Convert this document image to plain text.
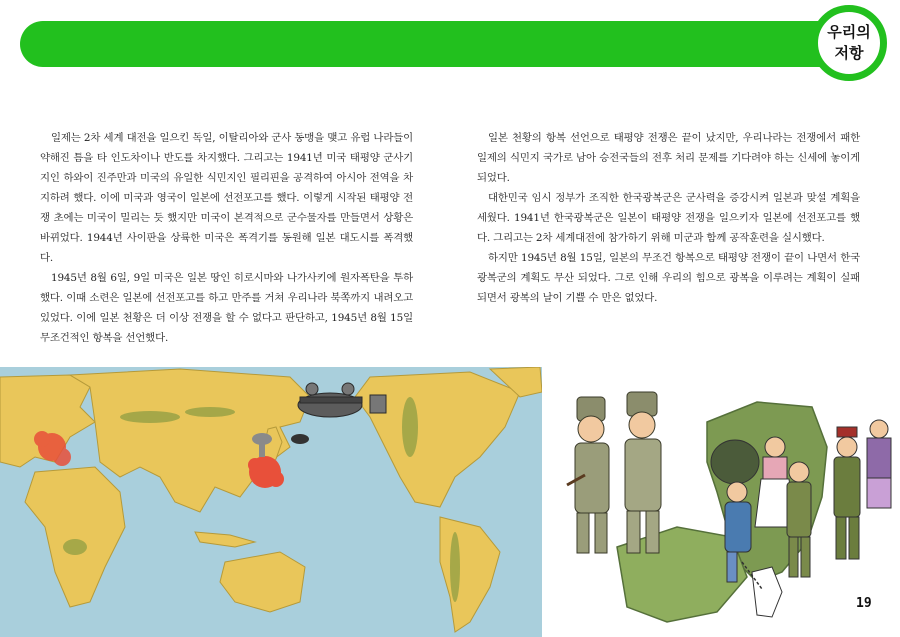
우리의
저항

일제는 2차 세계 대전을 일으킨 독일, 이탈리아와 군사 동맹을 맺고 유럽 나라들이 약해진 틈을 타 인도차이나 반도를 차지했다. 그리고는 1941년 미국 태평양 군사기지인 하와이 진주만과 미국의 유일한 식민지인 필리핀을 공격하여 아시아 전역을 차지하려 했다. 이에 미국과 영국이 일본에 선전포고를 했다. 이렇게 시작된 태평양 전쟁 초에는 미국이 밀리는 듯 했지만 미국이 본격적으로 군수물자를 만들면서 상황은 바뀌었다. 1944년 사이판을 상륙한 미국은 폭격기를 동원해 일본 대도시를 폭격했다.

1945년 8월 6일, 9일 미국은 일본 땅인 히로시마와 나가사키에 원자폭탄을 투하했다. 이때 소련은 일본에 선전포고를 하고 만주를 거쳐 우리나라 북쪽까지 내려오고 있었다. 이에 일본 천황은 더 이상 전쟁을 할 수 없다고 판단하고, 1945년 8월 15일 무조건적인 항복을 선언했다.

일본 천황의 항복 선언으로 태평양 전쟁은 끝이 났지만, 우리나라는 전쟁에서 패한 일제의 식민지 국가로 남아 승전국들의 전후 처리 문제를 기다려야 하는 신세에 놓이게 되었다.

대한민국 임시 정부가 조직한 한국광복군은 군사력을 증강시켜 일본과 맞설 계획을 세웠다. 1941년 한국광복군은 일본이 태평양 전쟁을 일으키자 일본에 선전포고를 했다. 그리고는 2차 세계대전에 참가하기 위해 미군과 함께 공작훈련을 실시했다.

하지만 1945년 8월 15일, 일본의 무조건 항복으로 태평양 전쟁이 끝이 나면서 한국광복군의 계획도 무산 되었다. 그로 인해 우리의 힘으로 광복을 이루려는 계획이 실패되면서 광복의 날이 기쁠 수 만은 없었다.

19
